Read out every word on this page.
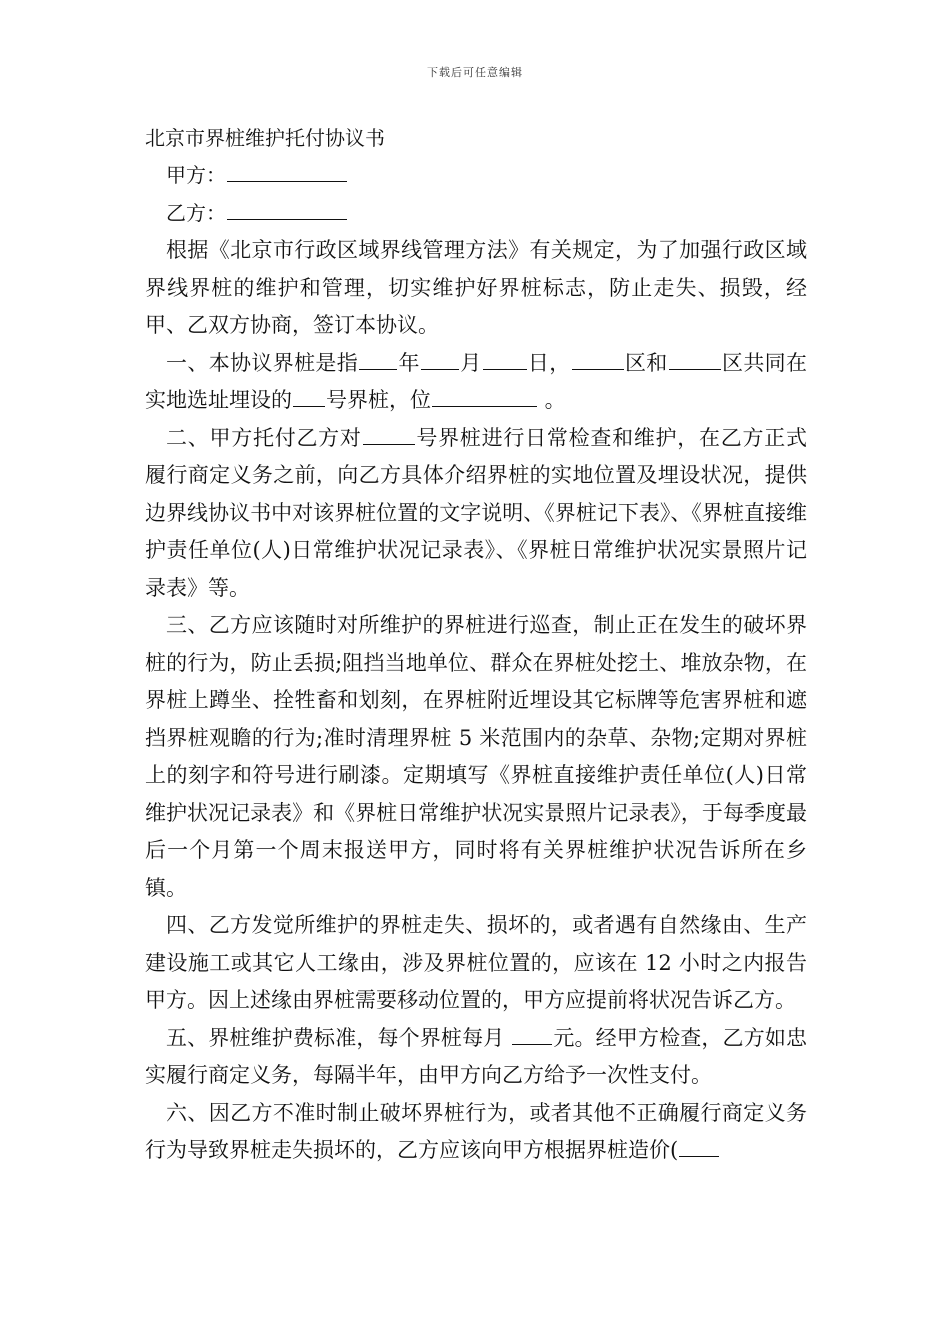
下载后可任意编辑
北京市界桩维护托付协议书
甲方：
乙方：

根据《北京市行政区域界线管理方法》有关规定，为了加强行政区域界线界桩的维护和管理，切实维护好界桩标志，防止走失、损毁，经甲、乙双方协商，签订本协议。

一、本协议界桩是指 年 月 日，	区和	区共同在实地选址埋设的 号界桩，位	。

二、甲方托付乙方对	号界桩进行日常检查和维护，在乙方正式履行商定义务之前，向乙方具体介绍界桩的实地位置及埋设状况，提供边界线协议书中对该界桩位置的文字说明、《界桩记下表》、《界桩直接维护责任单位(人)日常维护状况记录表》、《界桩日常维护状况实景照片记录表》等。

三、乙方应该随时对所维护的界桩进行巡查，制止正在发生的破坏界桩的行为，防止丢损;阻挡当地单位、群众在界桩处挖土、堆放杂物，在界桩上蹲坐、拴牲畜和划刻，在界桩附近埋设其它标牌等危害界桩和遮挡界桩观瞻的行为;准时清理界桩 5 米范围内的杂草、杂物;定期对界桩上的刻字和符号进行刷漆。定期填写《界桩直接维护责任单位(人)日常维护状况记录表》和《界桩日常维护状况实景照片记录表》，于每季度最后一个月第一个周末报送甲方，同时将有关界桩维护状况告诉所在乡镇。

四、乙方发觉所维护的界桩走失、损坏的，或者遇有自然缘由、生产建设施工或其它人工缘由，涉及界桩位置的，应该在 12 小时之内报告甲方。因上述缘由界桩需要移动位置的，甲方应提前将状况告诉乙方。

五、界桩维护费标准，每个界桩每月 元。经甲方检查，乙方如忠实履行商定义务，每隔半年，由甲方向乙方给予一次性支付。

六、因乙方不准时制止破坏界桩行为，或者其他不正确履行商定义务行为导致界桩走失损坏的，乙方应该向甲方根据界桩造价(
